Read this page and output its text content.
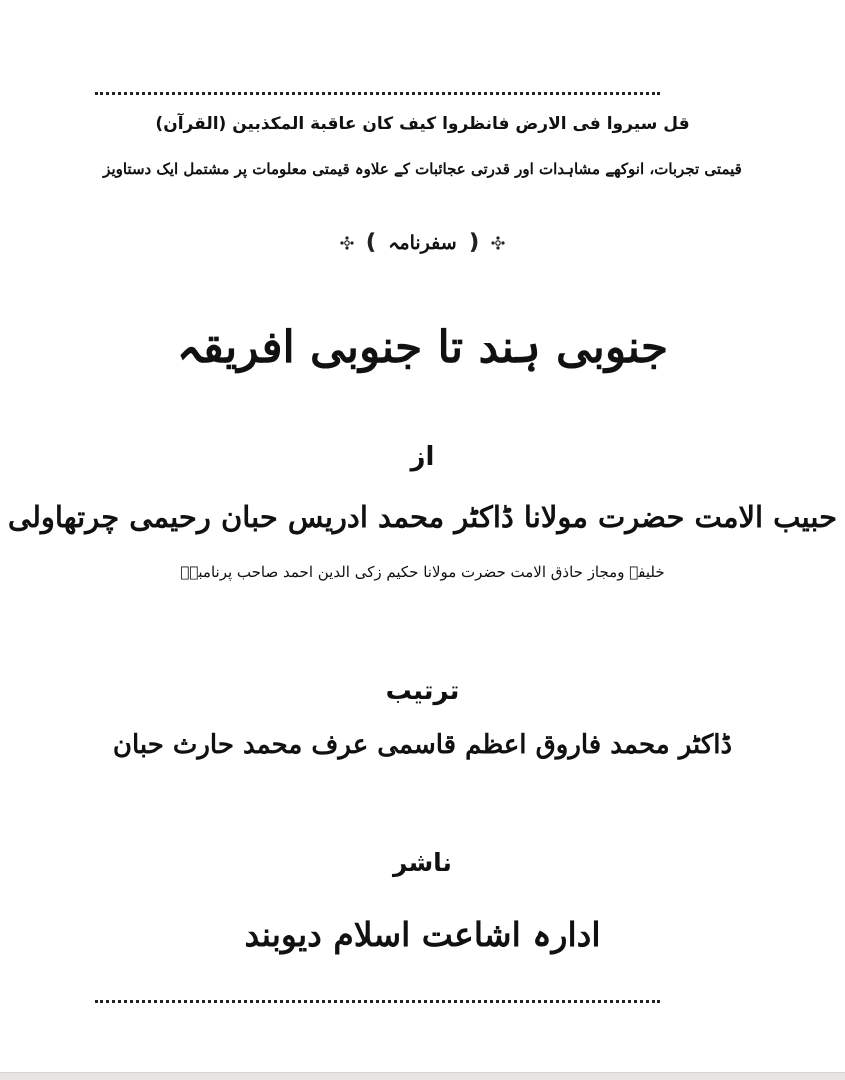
قل سیروا فی الارض فانظروا کیف کان عاقبة المکذبین (القرآن)
قیمتی تجربات، انوکھے مشاہدات اور قدرتی عجائبات کے علاوہ قیمتی معلومات پر مشتمل ایک دستاویز
❪ سفرنامہ ❫
جنوبی ہند تا جنوبی افریقہ
از
حبیب الامت حضرت مولانا ڈاکٹر محمد ادریس حبان رحیمی چرتھاولی
خلیفہ ومجاز حاذق الامت حضرت مولانا حکیم زکی الدین احمد صاحب پرنامبٹؒ
ترتیب
ڈاکٹر محمد فاروق اعظم قاسمی عرف محمد حارث حبان
ناشر
ادارہ اشاعت اسلام دیوبند
